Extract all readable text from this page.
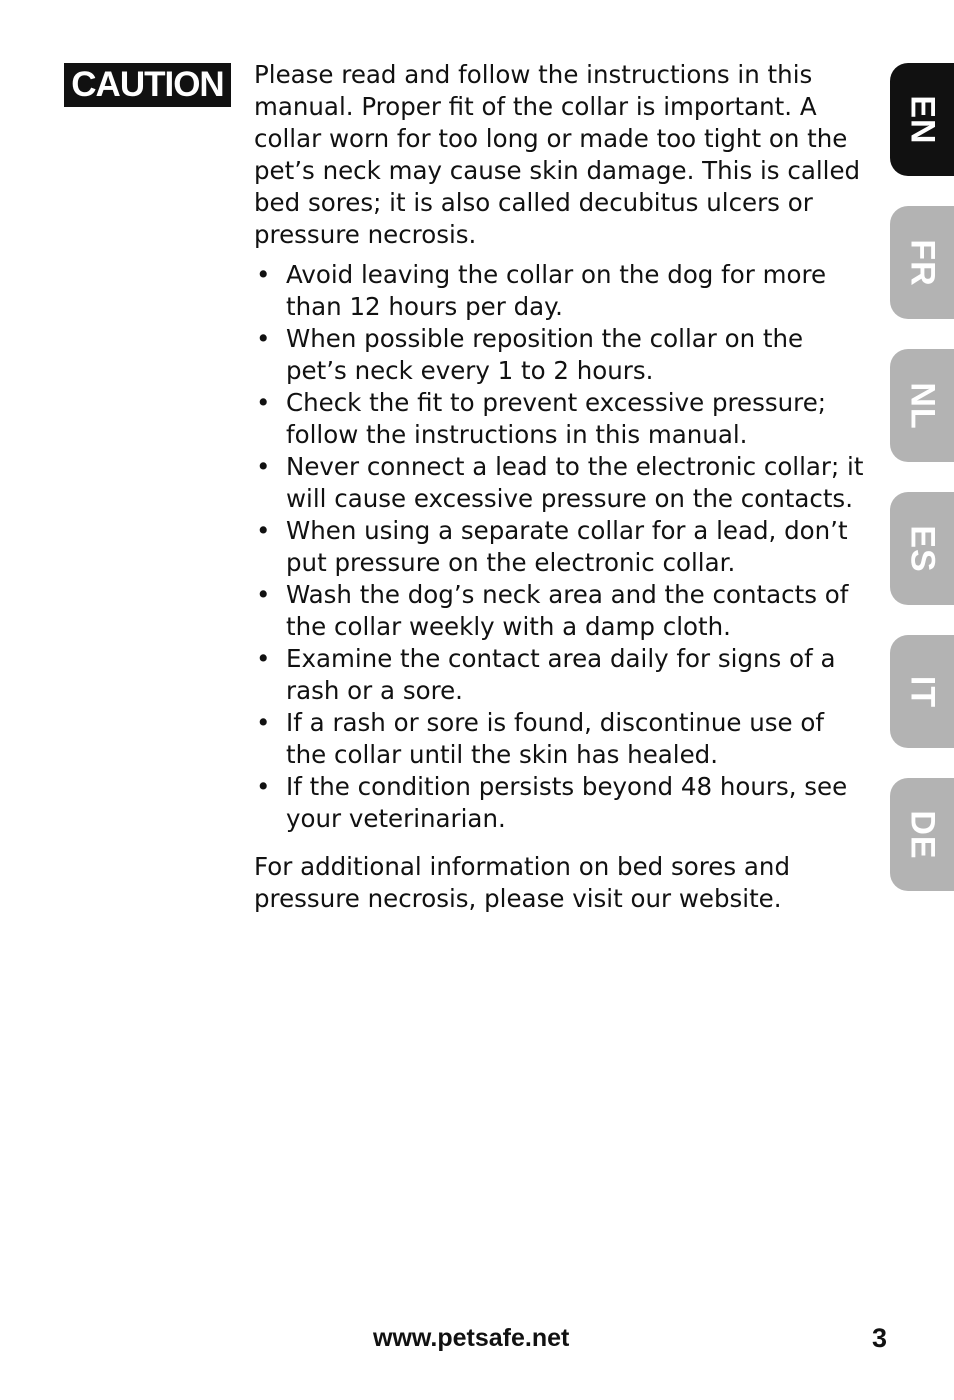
CAUTION Please read and follow the instructions in this manual. Proper fit of the collar is important. A collar worn for too long or made too tight on the pet’s neck may cause skin damage. This is called bed sores; it is also called decubitus ulcers or pressure necrosis.

• Avoid leaving the collar on the dog for more than 12 hours per day.
• When possible reposition the collar on the pet’s neck every 1 to 2 hours.
• Check the fit to prevent excessive pressure; follow the instructions in this manual.
• Never connect a lead to the electronic collar; it will cause excessive pressure on the contacts.
• When using a separate collar for a lead, don’t put pressure on the electronic collar.
• Wash the dog’s neck area and the contacts of the collar weekly with a damp cloth.
• Examine the contact area daily for signs of a rash or a sore.
• If a rash or sore is found, discontinue use of the collar until the skin has healed.
• If the condition persists beyond 48 hours, see your veterinarian.

For additional information on bed sores and pressure necrosis, please visit our website.

EN
FR
NL
ES
IT
DE
www.petsafe.net	3
